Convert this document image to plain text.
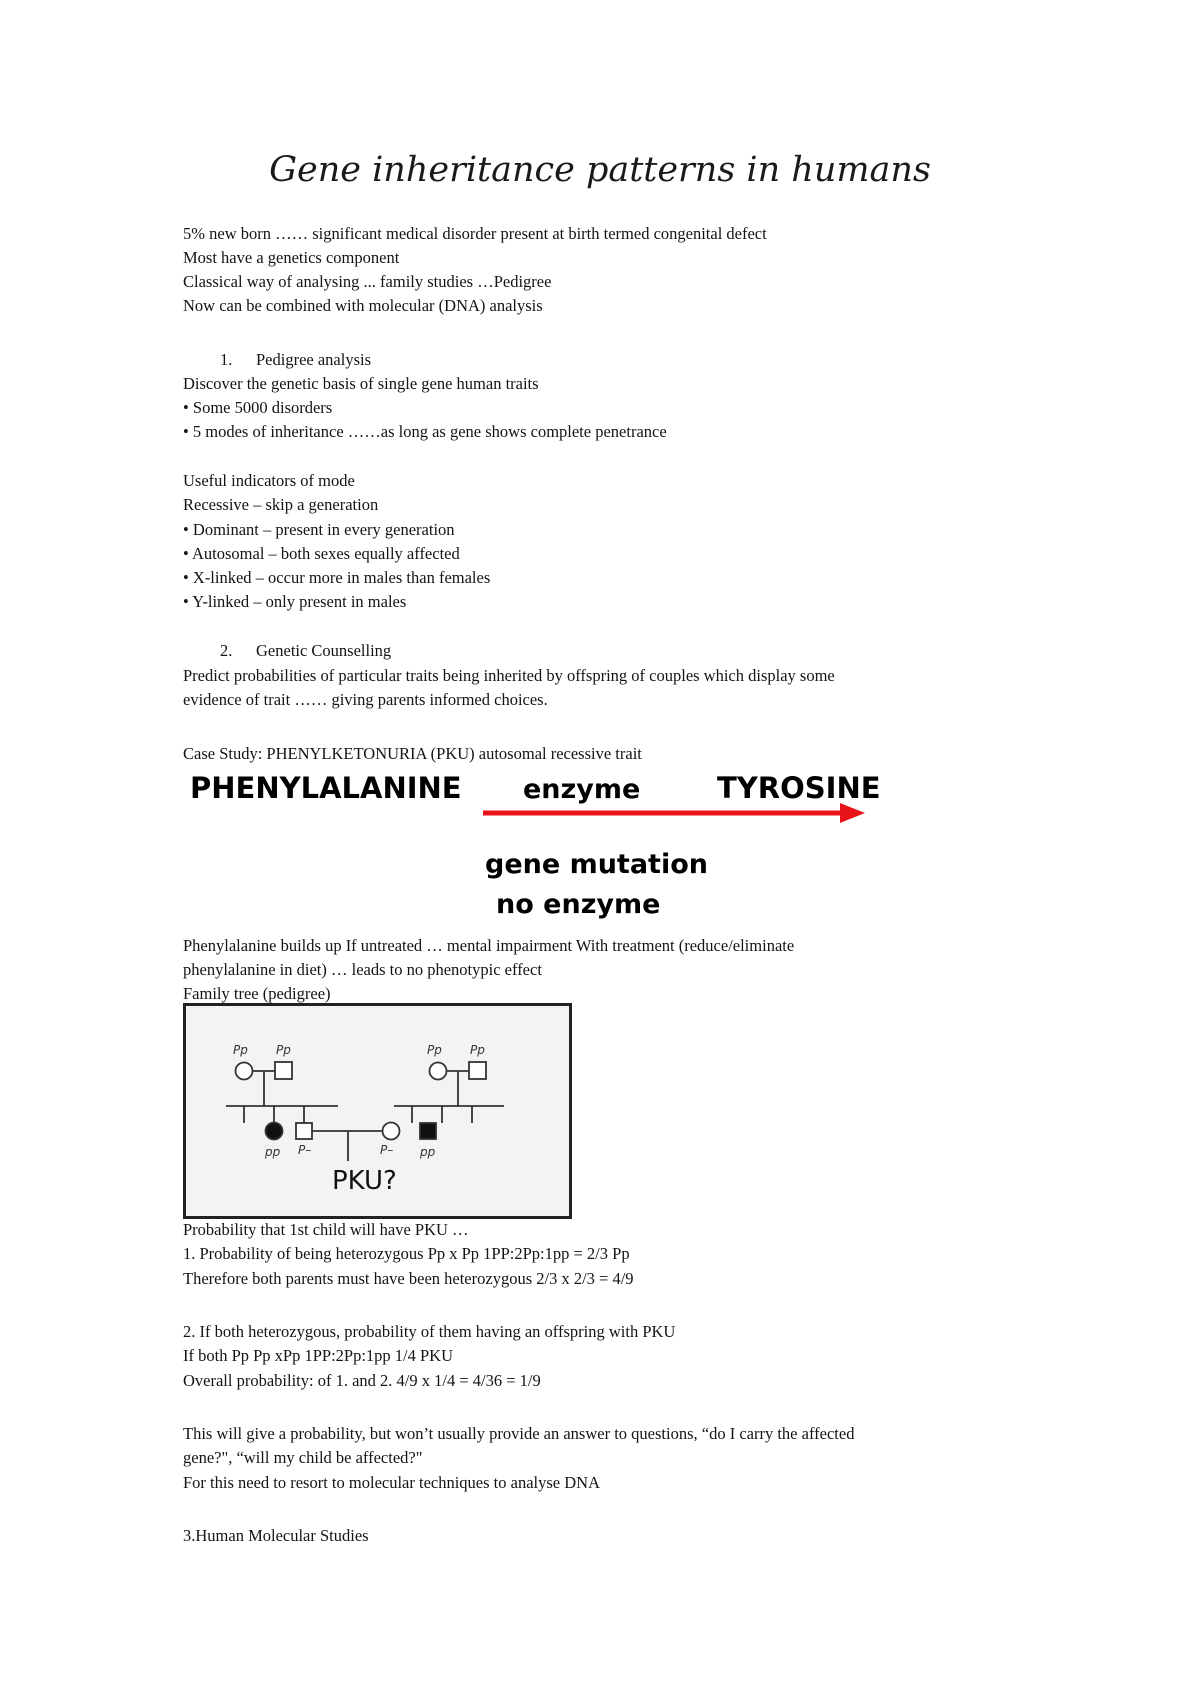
Gene inheritance patterns in humans
5% new born …… significant medical disorder present at birth termed congenital defect
Most have a genetics component
Classical way of analysing ... family studies …Pedigree
Now can be combined with molecular (DNA) analysis
1. Pedigree analysis
Discover the genetic basis of single gene human traits
• Some 5000 disorders
• 5 modes of inheritance ……as long as gene shows complete penetrance
Useful indicators of mode
Recessive – skip a generation
• Dominant – present in every generation
• Autosomal – both sexes equally affected
• X-linked – occur more in males than females
• Y-linked – only present in males
2. Genetic Counselling
Predict probabilities of particular traits being inherited by offspring of couples which display some
evidence of trait …… giving parents informed choices.
Case Study: PHENYLKETONURIA (PKU) autosomal recessive trait
PHENYLALANINE enzyme	TYROSINE
gene mutation
no enzyme
Phenylalanine builds up If untreated … mental impairment With treatment (reduce/eliminate
phenylalanine in diet) … leads to no phenotypic effect
Family tree (pedigree)
Pp Pp	Pp Pp
pp P–	P– pp
PKU?
Probability that 1st child will have PKU …
1. Probability of being heterozygous Pp x Pp 1PP:2Pp:1pp = 2/3 Pp
Therefore both parents must have been heterozygous 2/3 x 2/3 = 4/9
2. If both heterozygous, probability of them having an offspring with PKU
If both Pp Pp xPp 1PP:2Pp:1pp 1/4 PKU
Overall probability: of 1. and 2. 4/9 x 1/4 = 4/36 = 1/9
This will give a probability, but won’t usually provide an answer to questions, “do I carry the affected
gene?", “will my child be affected?"
For this need to resort to molecular techniques to analyse DNA
3.Human Molecular Studies
